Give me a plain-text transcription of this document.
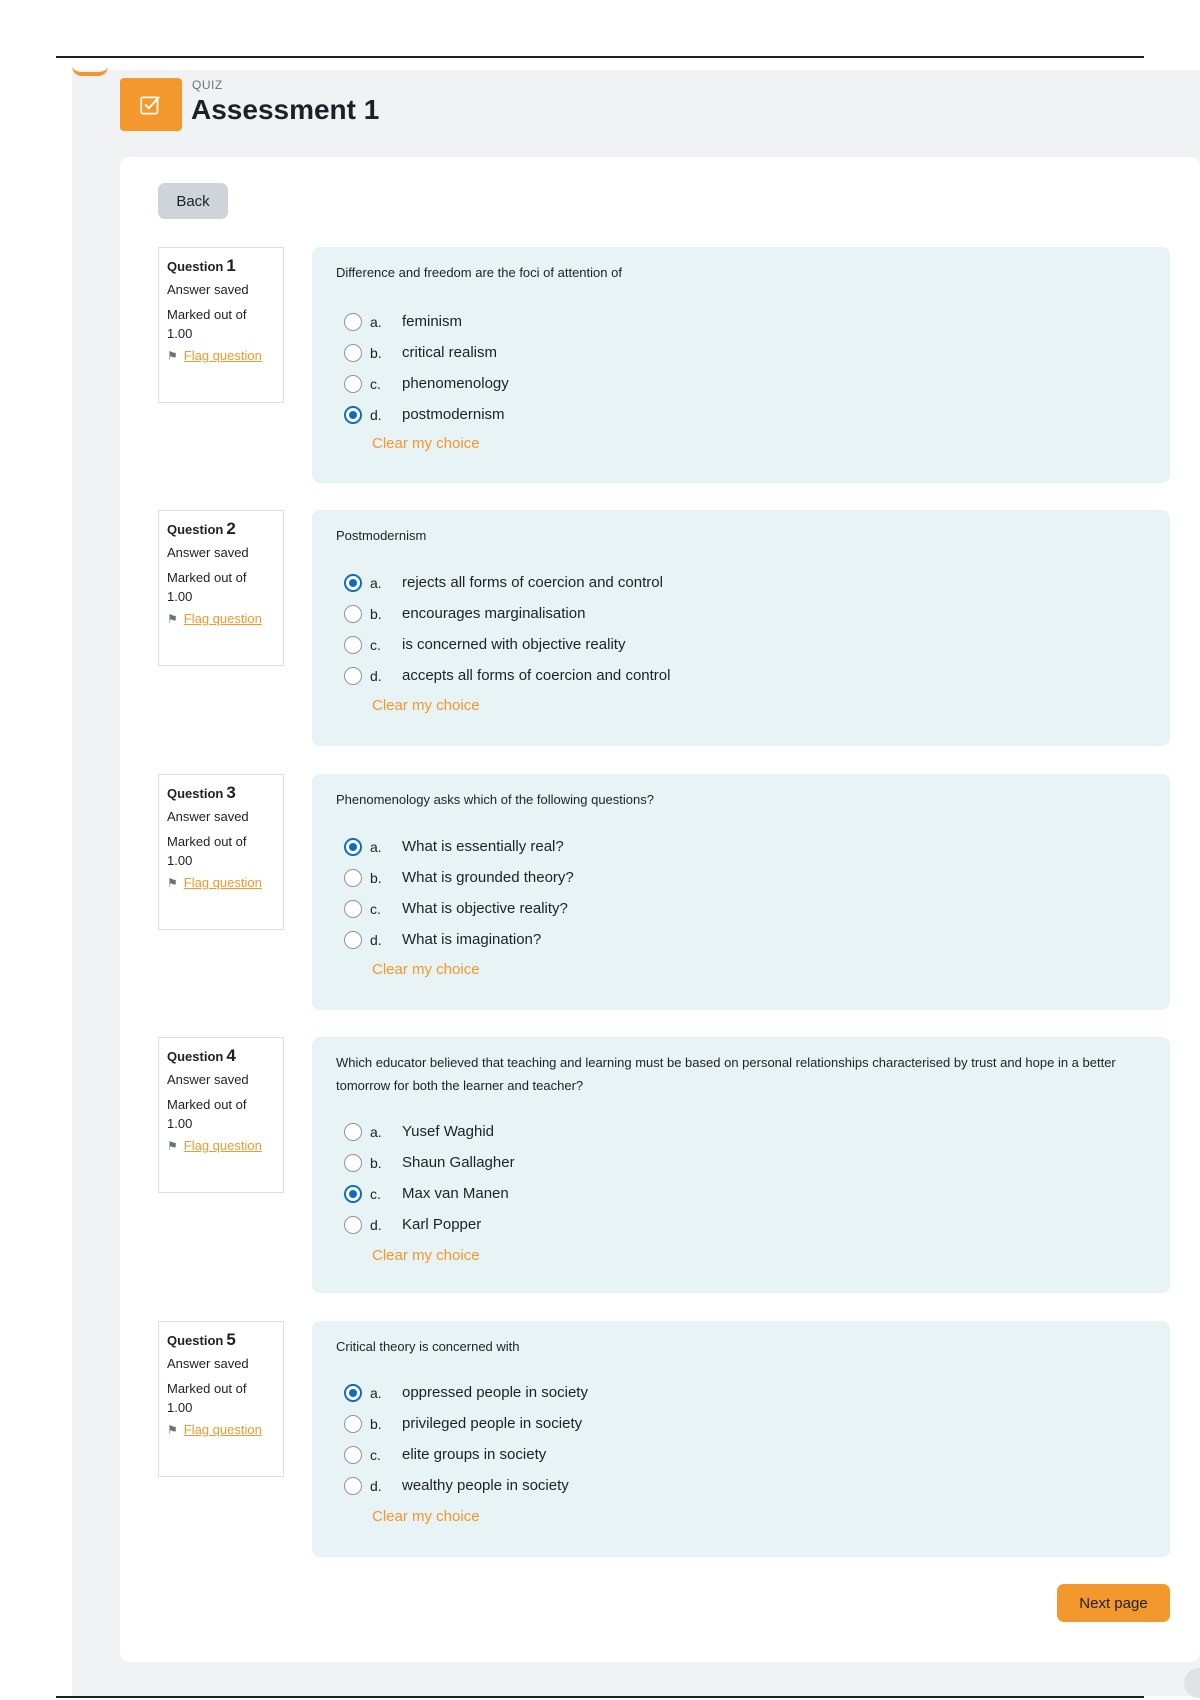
QUIZ
Assessment 1
Back
Question 1
Answer saved
Marked out of 1.00
⚑ Flag question
Difference and freedom are the foci of attention of
a.	feminism
b.	critical realism
c.	phenomenology
d.	postmodernism
Clear my choice
Question 2
Answer saved
Marked out of 1.00
⚑ Flag question
Postmodernism
a.	rejects all forms of coercion and control
b.	encourages marginalisation
c.	is concerned with objective reality
d.	accepts all forms of coercion and control
Clear my choice
Question 3
Answer saved
Marked out of 1.00
⚑ Flag question
Phenomenology asks which of the following questions?
a.	What is essentially real?
b.	What is grounded theory?
c.	What is objective reality?
d.	What is imagination?
Clear my choice
Question 4
Answer saved
Marked out of 1.00
⚑ Flag question
Which educator believed that teaching and learning must be based on personal relationships characterised by trust and hope in a better tomorrow for both the learner and teacher?
a.	Yusef Waghid
b.	Shaun Gallagher
c.	Max van Manen
d.	Karl Popper
Clear my choice
Question 5
Answer saved
Marked out of 1.00
⚑ Flag question
Critical theory is concerned with
a.	oppressed people in society
b.	privileged people in society
c.	elite groups in society
d.	wealthy people in society
Clear my choice
Next page
